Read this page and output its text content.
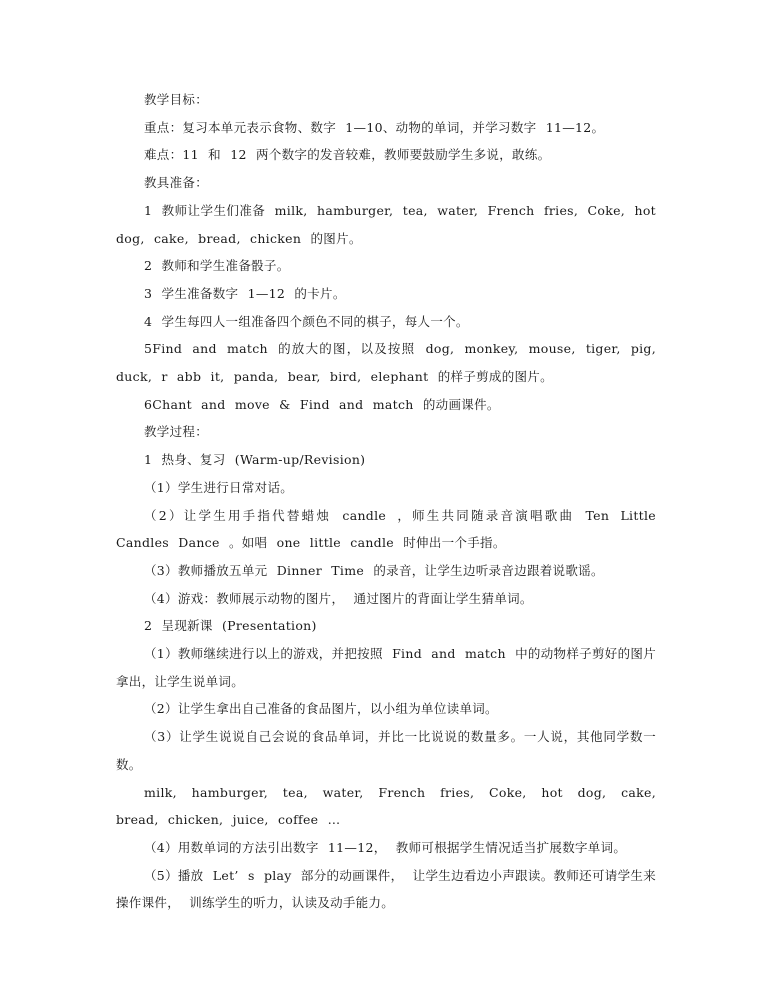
教学目标：

重点：复习本单元表示食物、数字 1—10、动物的单词，并学习数字 11—12。

难点：11 和 12 两个数字的发音较难，教师要鼓励学生多说，敢练。

教具准备：

1 教师让学生们准备 milk, hamburger, tea, water, French fries, Coke, hot dog, cake, bread, chicken 的图片。

2 教师和学生准备骰子。

3 学生准备数字 1—12 的卡片。

4 学生每四人一组准备四个颜色不同的棋子，每人一个。

5Find and match 的放大的图，以及按照 dog, monkey, mouse, tiger, pig, duck, r abb it, panda, bear, bird, elephant 的样子剪成的图片。

6Chant and move & Find and match 的动画课件。

教学过程：

1 热身、复习 (Warm-up/Revision)

（1）学生进行日常对话。

（2）让学生用手指代替蜡烛 candle ，师生共同随录音演唱歌曲 Ten Little Candles Dance 。如唱 one little candle 时伸出一个手指。

（3）教师播放五单元 Dinner Time 的录音，让学生边听录音边跟着说歌谣。

（4）游戏：教师展示动物的图片， 通过图片的背面让学生猜单词。

2 呈现新课 (Presentation)

（1）教师继续进行以上的游戏，并把按照 Find and match 中的动物样子剪好的图片拿出，让学生说单词。

（2）让学生拿出自己准备的食品图片，以小组为单位读单词。

（3）让学生说说自己会说的食品单词，并比一比说说的数量多。一人说，其他同学数一数。

milk, hamburger, tea, water, French fries, Coke, hot dog, cake, bread, chicken, juice, coffee …

（4）用数单词的方法引出数字 11—12， 教师可根据学生情况适当扩展数字单词。

（5）播放 Let’ s play 部分的动画课件， 让学生边看边小声跟读。教师还可请学生来操作课件， 训练学生的听力，认读及动手能力。
